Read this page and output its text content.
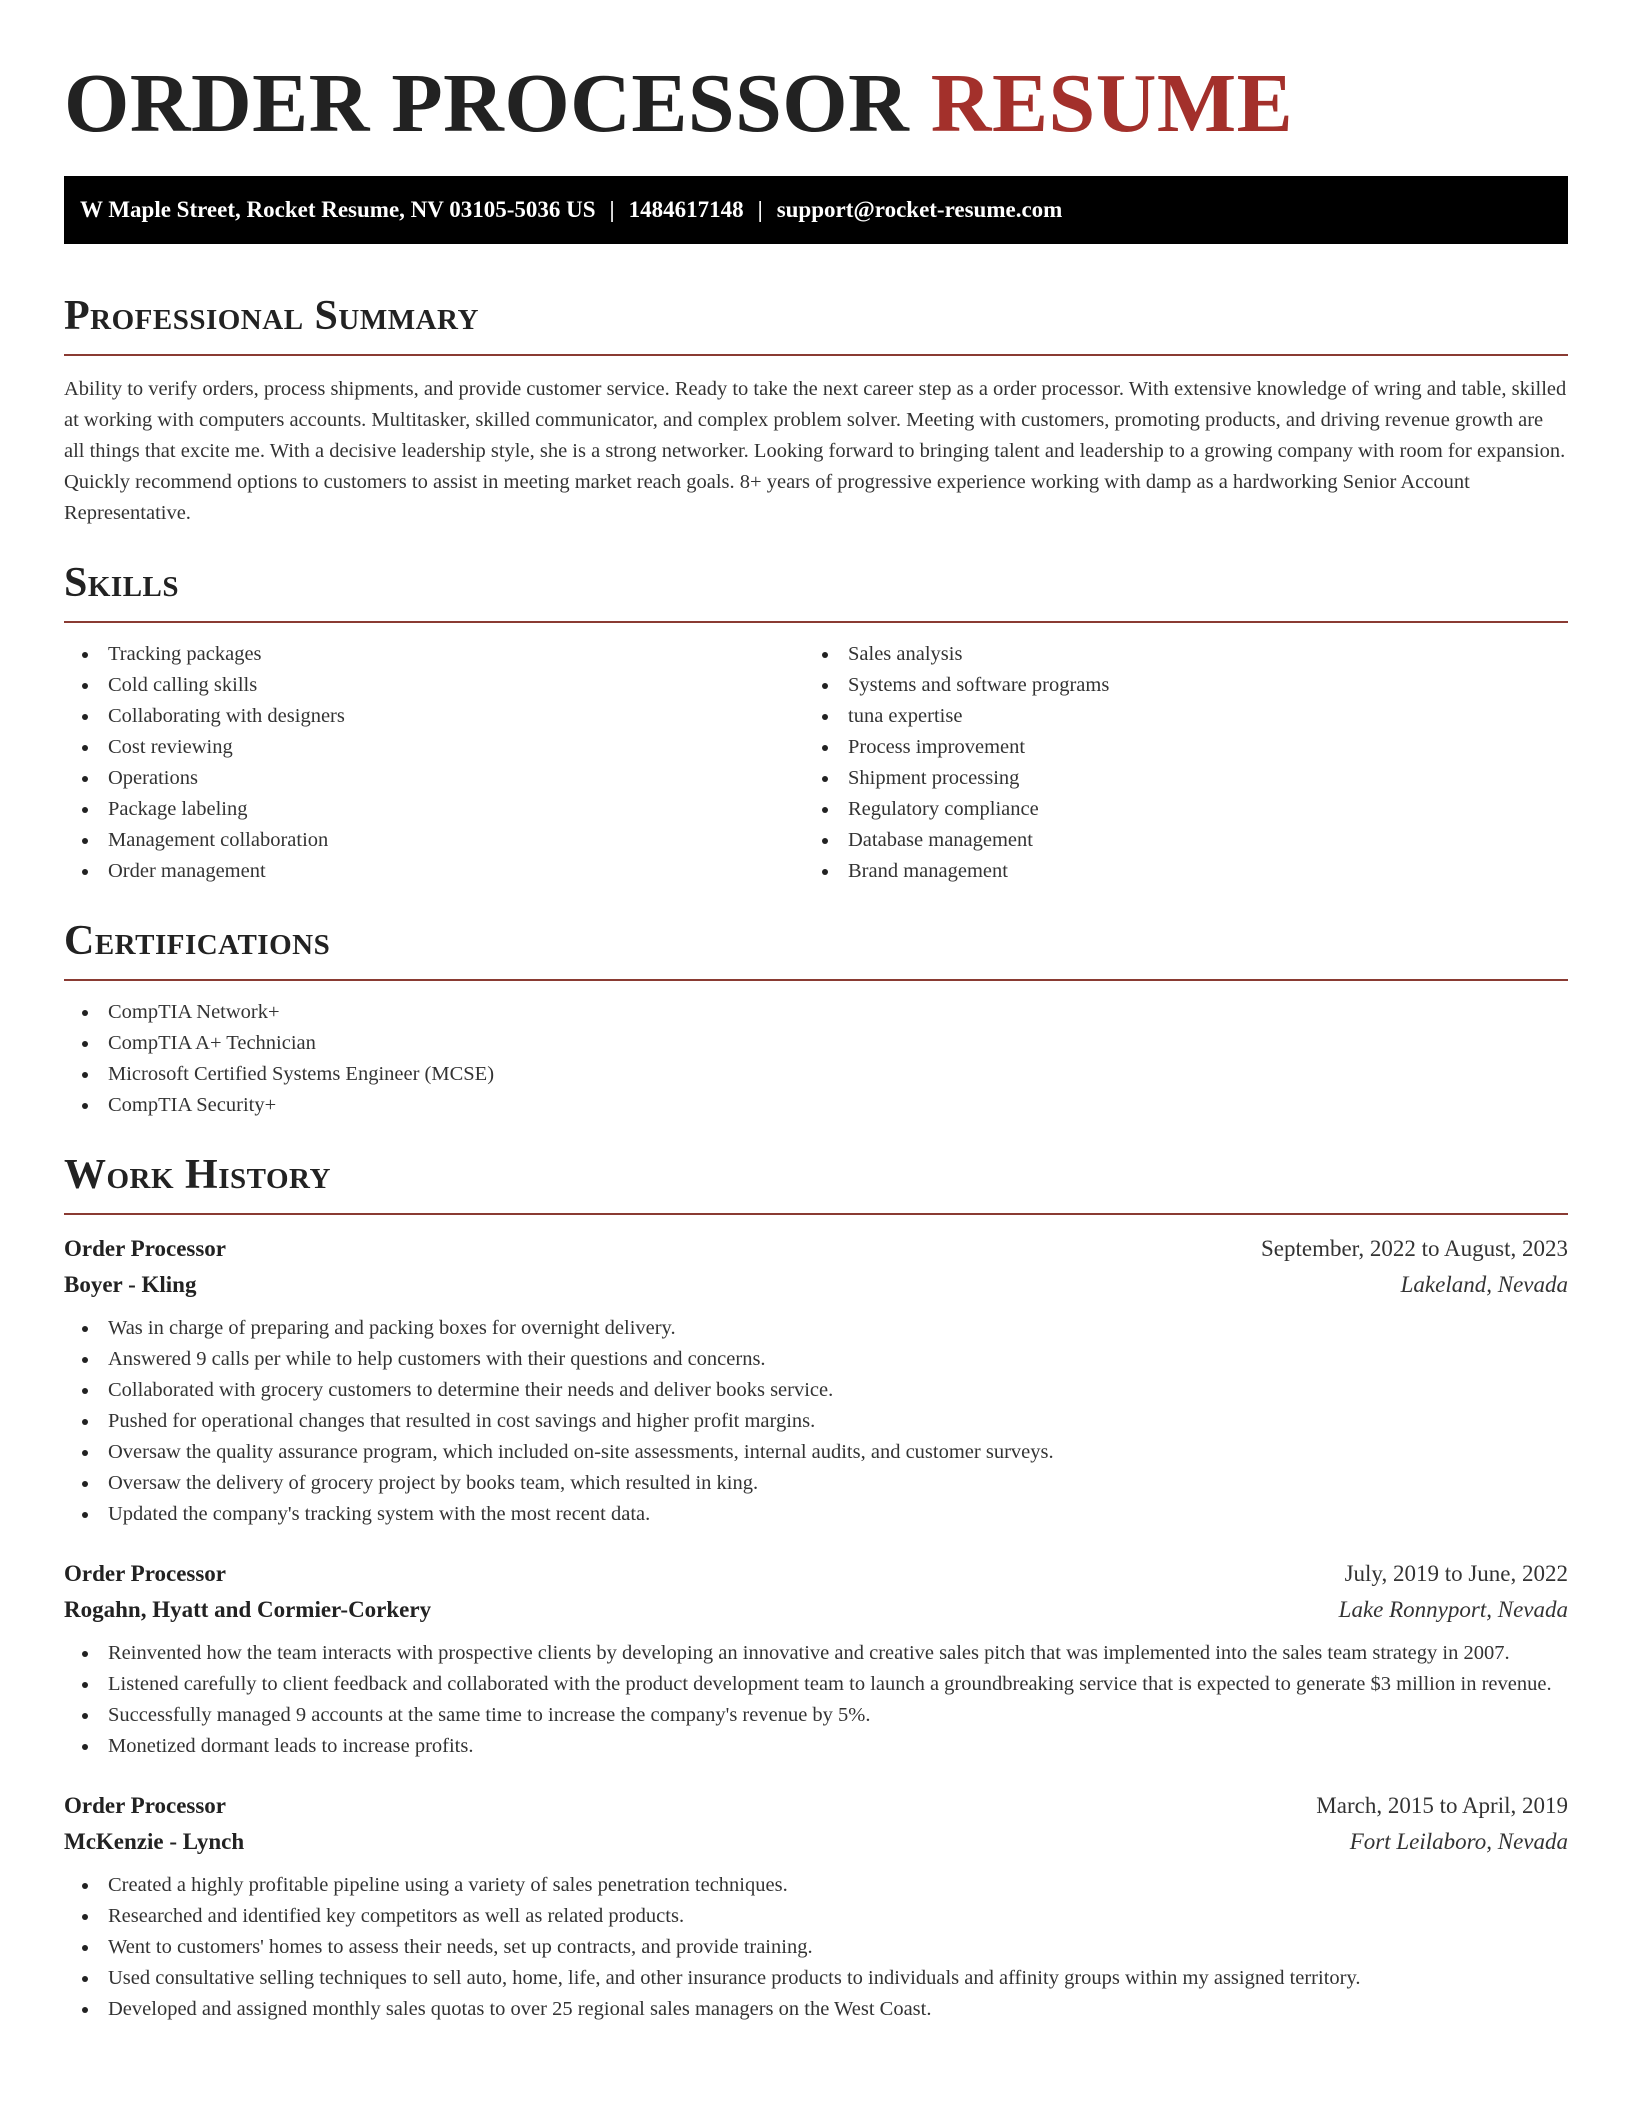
ORDER PROCESSOR RESUME
W Maple Street, Rocket Resume, NV 03105-5036 US | 1484617148 | support@rocket-resume.com
Professional Summary

Ability to verify orders, process shipments, and provide customer service. Ready to take the next career step as a order processor. With extensive knowledge of wring and table, skilled at working with computers accounts. Multitasker, skilled communicator, and complex problem solver. Meeting with customers, promoting products, and driving revenue growth are all things that excite me. With a decisive leadership style, she is a strong networker. Looking forward to bringing talent and leadership to a growing company with room for expansion. Quickly recommend options to customers to assist in meeting market reach goals. 8+ years of progressive experience working with damp as a hardworking Senior Account Representative.

Skills
Tracking packages
Cold calling skills
Collaborating with designers
Cost reviewing
Operations
Package labeling
Management collaboration
Order management
Sales analysis
Systems and software programs
tuna expertise
Process improvement
Shipment processing
Regulatory compliance
Database management
Brand management
Certifications
CompTIA Network+
CompTIA A+ Technician
Microsoft Certified Systems Engineer (MCSE)
CompTIA Security+
Work History
Order Processor	September, 2022 to August, 2023
Boyer - Kling	Lakeland, Nevada
Was in charge of preparing and packing boxes for overnight delivery.
Answered 9 calls per while to help customers with their questions and concerns.
Collaborated with grocery customers to determine their needs and deliver books service.
Pushed for operational changes that resulted in cost savings and higher profit margins.
Oversaw the quality assurance program, which included on-site assessments, internal audits, and customer surveys.
Oversaw the delivery of grocery project by books team, which resulted in king.
Updated the company's tracking system with the most recent data.
Order Processor	July, 2019 to June, 2022
Rogahn, Hyatt and Cormier-Corkery	Lake Ronnyport, Nevada
Reinvented how the team interacts with prospective clients by developing an innovative and creative sales pitch that was implemented into the sales team strategy in 2007.
Listened carefully to client feedback and collaborated with the product development team to launch a groundbreaking service that is expected to generate $3 million in revenue.
Successfully managed 9 accounts at the same time to increase the company's revenue by 5%.
Monetized dormant leads to increase profits.
Order Processor	March, 2015 to April, 2019
McKenzie - Lynch	Fort Leilaboro, Nevada
Created a highly profitable pipeline using a variety of sales penetration techniques.
Researched and identified key competitors as well as related products.
Went to customers' homes to assess their needs, set up contracts, and provide training.
Used consultative selling techniques to sell auto, home, life, and other insurance products to individuals and affinity groups within my assigned territory.
Developed and assigned monthly sales quotas to over 25 regional sales managers on the West Coast.
